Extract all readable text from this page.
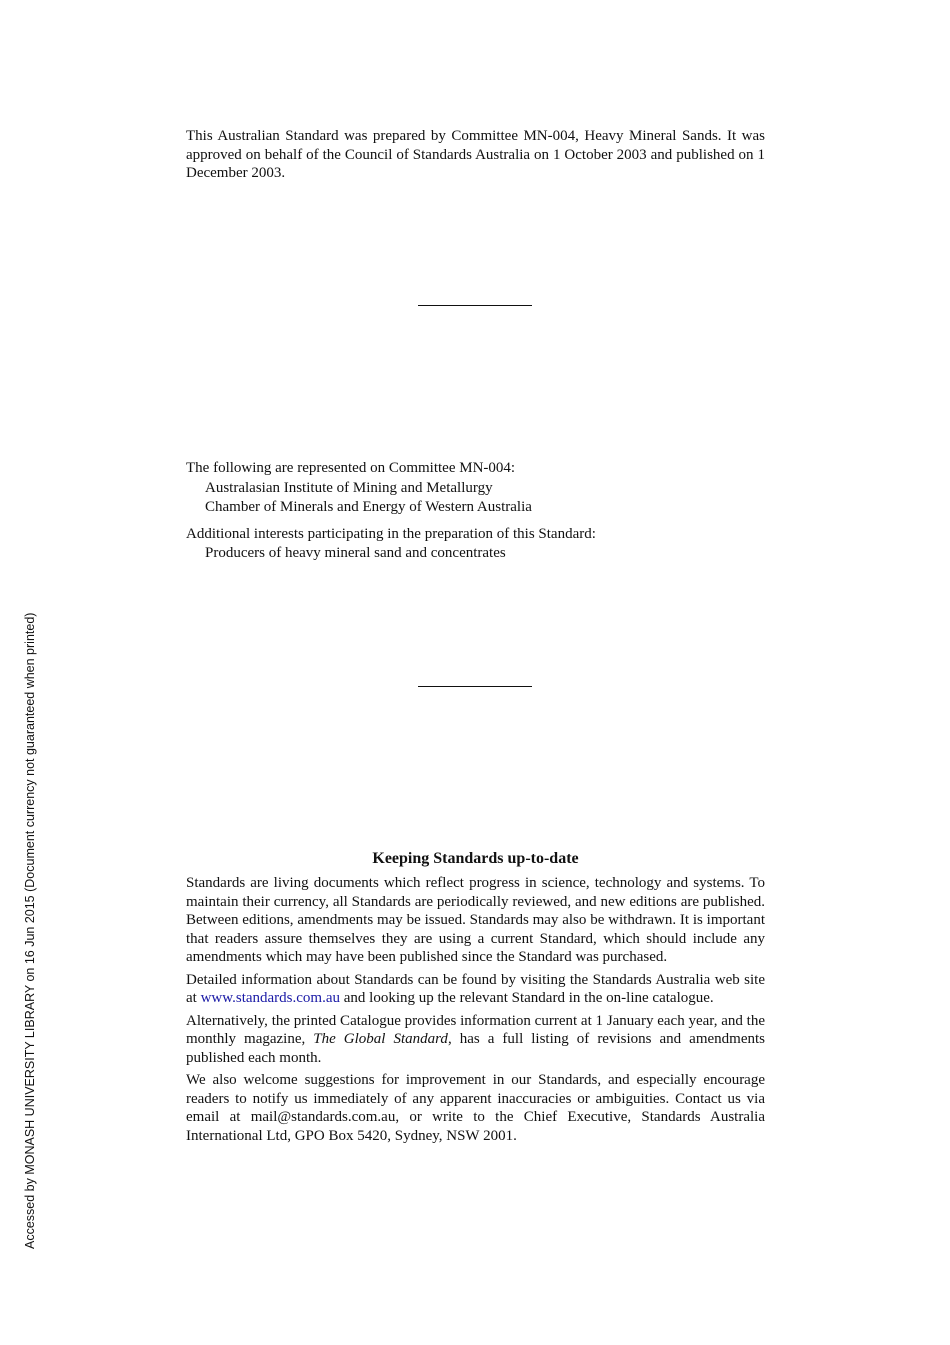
This Australian Standard was prepared by Committee MN-004, Heavy Mineral Sands. It was approved on behalf of the Council of Standards Australia on 1 October 2003 and published on 1 December 2003.
The following are represented on Committee MN-004:
Australasian Institute of Mining and Metallurgy
Chamber of Minerals and Energy of Western Australia
Additional interests participating in the preparation of this Standard:
Producers of heavy mineral sand and concentrates
Keeping Standards up-to-date

Standards are living documents which reflect progress in science, technology and systems. To maintain their currency, all Standards are periodically reviewed, and new editions are published. Between editions, amendments may be issued. Standards may also be withdrawn. It is important that readers assure themselves they are using a current Standard, which should include any amendments which may have been published since the Standard was purchased.

Detailed information about Standards can be found by visiting the Standards Australia web site at www.standards.com.au and looking up the relevant Standard in the on-line catalogue.

Alternatively, the printed Catalogue provides information current at 1 January each year, and the monthly magazine, The Global Standard, has a full listing of revisions and amendments published each month.

We also welcome suggestions for improvement in our Standards, and especially encourage readers to notify us immediately of any apparent inaccuracies or ambiguities. Contact us via email at mail@standards.com.au, or write to the Chief Executive, Standards Australia International Ltd, GPO Box 5420, Sydney, NSW 2001.

Accessed by MONASH UNIVERSITY LIBRARY on 16 Jun 2015 (Document currency not guaranteed when printed)
